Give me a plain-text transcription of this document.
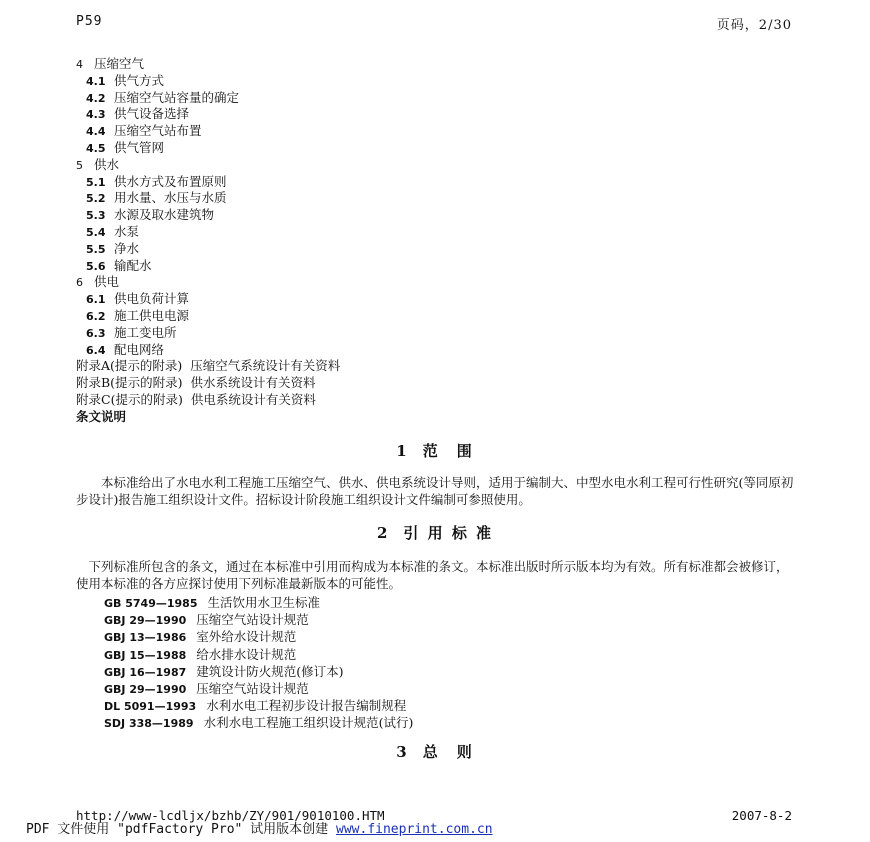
P59	页码，2/30
4 压缩空气
4.1 供气方式
4.2 压缩空气站容量的确定
4.3 供气设备选择
4.4 压缩空气站布置
4.5 供气管网
5 供水
5.1 供水方式及布置原则
5.2 用水量、水压与水质
5.3 水源及取水建筑物
5.4 水泵
5.5 净水
5.6 输配水
6 供电
6.1 供电负荷计算
6.2 施工供电电源
6.3 施工变电所
6.4 配电网络
附录A(提示的附录) 压缩空气系统设计有关资料
附录B(提示的附录) 供水系统设计有关资料
附录C(提示的附录) 供电系统设计有关资料
条文说明
1 范　围
　　本标准给出了水电水利工程施工压缩空气、供水、供电系统设计导则，适用于编制大、中型水电水利工程可行性研究(等同原初步设计)报告施工组织设计文件。招标设计阶段施工组织设计文件编制可参照使用。
2 引 用 标 准
　下列标准所包含的条文，通过在本标准中引用而构成为本标准的条文。本标准出版时所示版本均为有效。所有标准都会被修订，使用本标准的各方应探讨使用下列标准最新版本的可能性。
GB 5749—1985 生活饮用水卫生标准
GBJ 29—1990 压缩空气站设计规范
GBJ 13—1986 室外给水设计规范
GBJ 15—1988 给水排水设计规范
GBJ 16—1987 建筑设计防火规范(修订本)
GBJ 29—1990 压缩空气站设计规范
DL 5091—1993 水利水电工程初步设计报告编制规程
SDJ 338—1989 水利水电工程施工组织设计规范(试行)
3 总　则
http://www-lcdljx/bzhb/ZY/901/9010100.HTM	2007-8-2
PDF 文件使用 "pdfFactory Pro" 试用版本创建 www.fineprint.com.cn
